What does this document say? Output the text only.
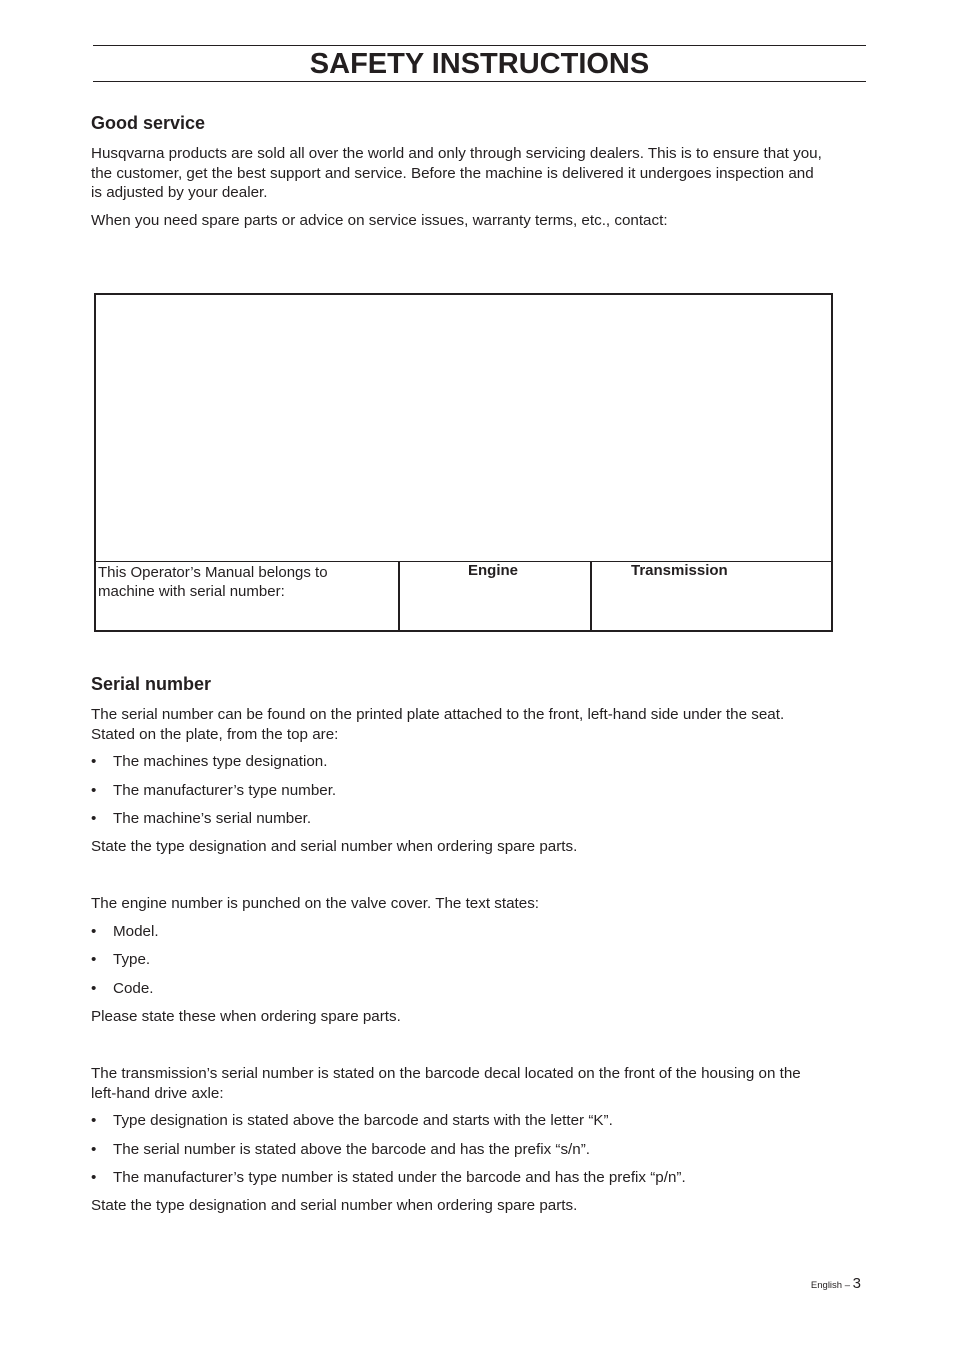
SAFETY INSTRUCTIONS
Good service
Husqvarna products are sold all over the world and only through servicing dealers. This is to ensure that you,
the customer, get the best support and service. Before the machine is delivered it undergoes inspection and
is adjusted by your dealer.
When you need spare parts or advice on service issues, warranty terms, etc., contact:
This Operator’s Manual belongs to
machine with serial number:
Engine	Transmission
Serial number
The serial number can be found on the printed plate attached to the front, left-hand side under the seat.
Stated on the plate, from the top are:
• The machines type designation.
• The manufacturer’s type number.
• The machine’s serial number.
State the type designation and serial number when ordering spare parts.
The engine number is punched on the valve cover. The text states:
• Model.
• Type.
• Code.
Please state these when ordering spare parts.
The transmission’s serial number is stated on the barcode decal located on the front of the housing on the
left-hand drive axle:
• Type designation is stated above the barcode and starts with the letter “K”.
• The serial number is stated above the barcode and has the prefix “s/n”.
• The manufacturer’s type number is stated under the barcode and has the prefix “p/n”.
State the type designation and serial number when ordering spare parts.
English – 3
